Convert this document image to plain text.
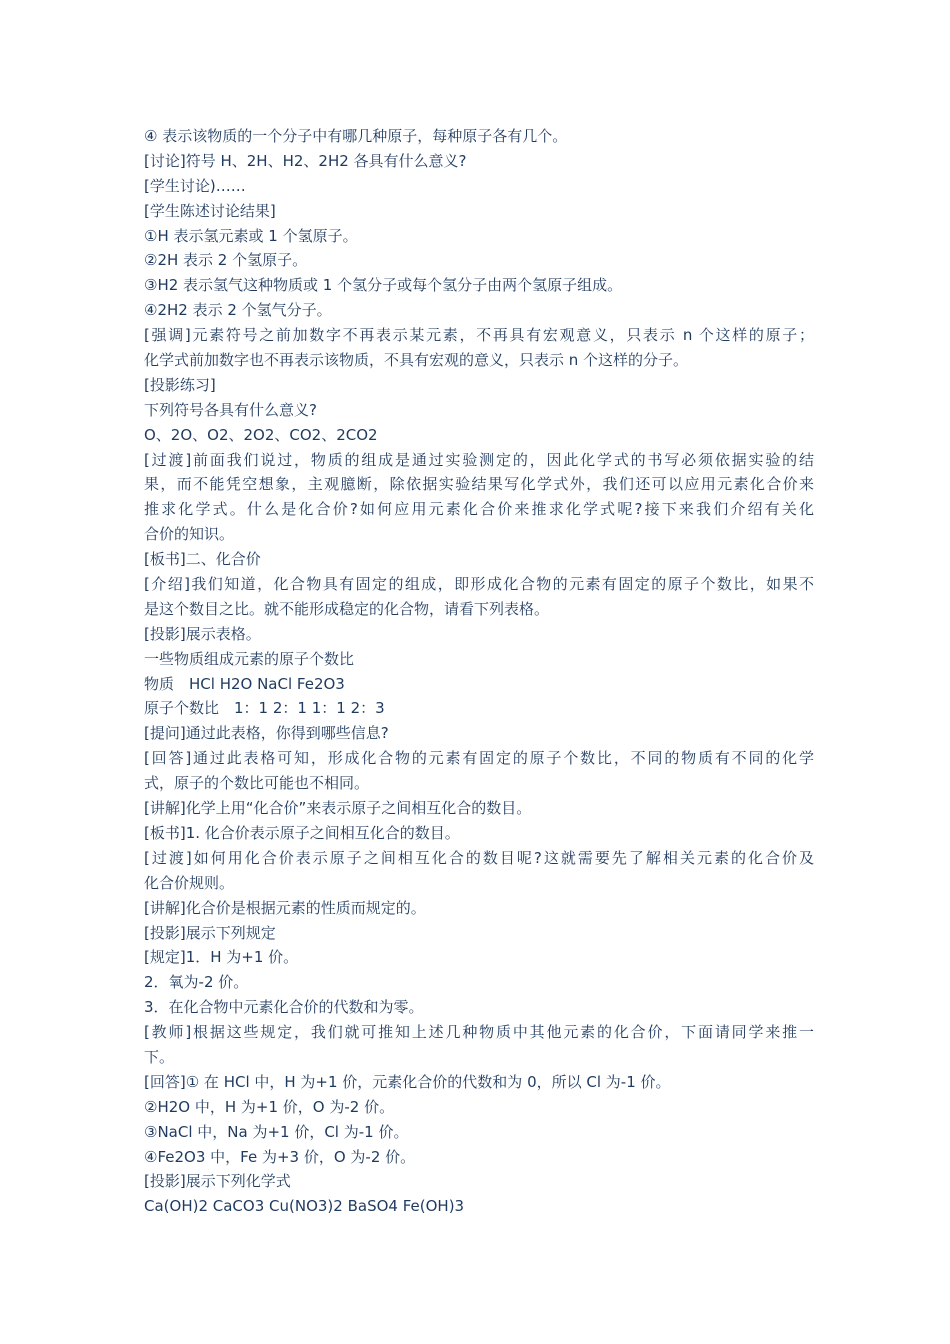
④ 表示该物质的一个分子中有哪几种原子，每种原子各有几个。
[讨论]符号 H、2H、H2、2H2 各具有什么意义?
[学生讨论)……
[学生陈述讨论结果]
①H 表示氢元素或 1 个氢原子。
②2H 表示 2 个氢原子。
③H2 表示氢气这种物质或 1 个氢分子或每个氢分子由两个氢原子组成。
④2H2 表示 2 个氢气分子。
[强调]元素符号之前加数字不再表示某元素，不再具有宏观意义，只表示 n 个这样的原子；
化学式前加数字也不再表示该物质，不具有宏观的意义，只表示 n 个这样的分子。
[投影练习]
下列符号各具有什么意义?
O、2O、O2、2O2、CO2、2CO2
[过渡]前面我们说过，物质的组成是通过实验测定的，因此化学式的书写必须依据实验的结
果，而不能凭空想象，主观臆断，除依据实验结果写化学式外，我们还可以应用元素化合价来
推求化学式。什么是化合价?如何应用元素化合价来推求化学式呢?接下来我们介绍有关化
合价的知识。
[板书]二、化合价
[介绍]我们知道，化合物具有固定的组成，即形成化合物的元素有固定的原子个数比，如果不
是这个数目之比。就不能形成稳定的化合物，请看下列表格。
[投影]展示表格。
一些物质组成元素的原子个数比
物质　HCl H2O NaCl Fe2O3
原子个数比　1：1 2：1 1：1 2：3
[提问]通过此表格，你得到哪些信息?
[回答]通过此表格可知，形成化合物的元素有固定的原子个数比，不同的物质有不同的化学
式，原子的个数比可能也不相同。
[讲解]化学上用“化合价”来表示原子之间相互化合的数目。
[板书]1. 化合价表示原子之间相互化合的数目。
[过渡]如何用化合价表示原子之间相互化合的数目呢?这就需要先了解相关元素的化合价及
化合价规则。
[讲解]化合价是根据元素的性质而规定的。
[投影]展示下列规定
[规定]1．H 为+1 价。
2．氧为-2 价。
3．在化合物中元素化合价的代数和为零。
[教师]根据这些规定，我们就可推知上述几种物质中其他元素的化合价，下面请同学来推一
下。
[回答]① 在 HCl 中，H 为+1 价，元素化合价的代数和为 0，所以 Cl 为-1 价。
②H2O 中，H 为+1 价，O 为-2 价。
③NaCl 中，Na 为+1 价，Cl 为-1 价。
④Fe2O3 中，Fe 为+3 价，O 为-2 价。
[投影]展示下列化学式
Ca(OH)2 CaCO3 Cu(NO3)2 BaSO4 Fe(OH)3
